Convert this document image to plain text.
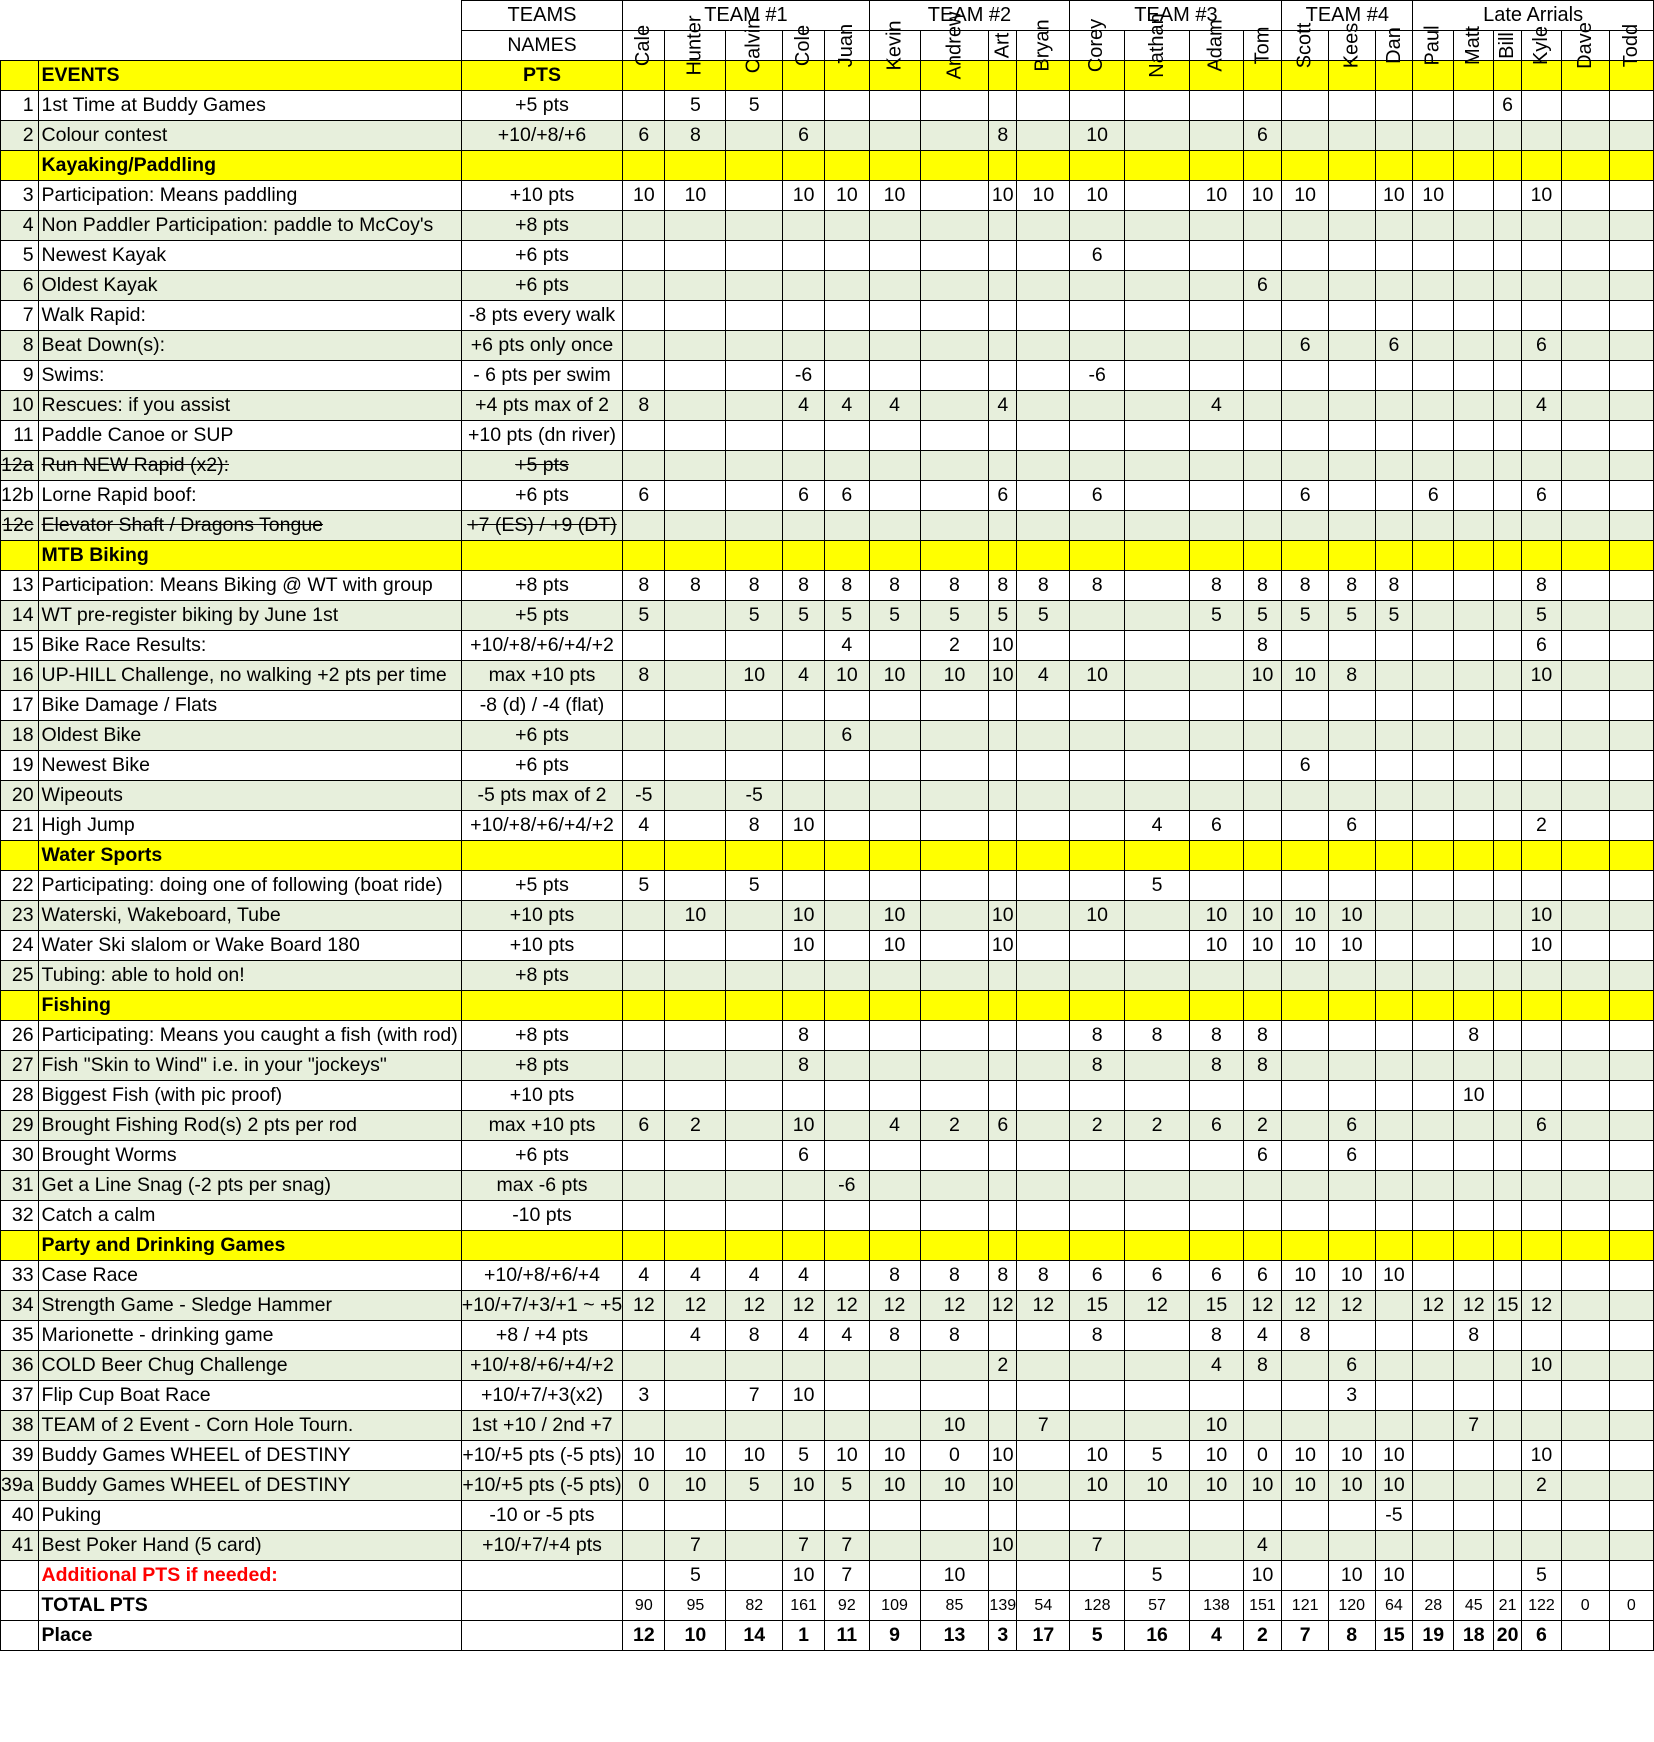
		TEAMS	TEAM #1					TEAM #2				TEAM #3				TEAM #4			Late Arrials					
		NAMES	Cale	Hunter	Calvin	Cole	Juan	Kevin	Andrew	Art	Bryan	Corey	Nathan	Adam	Tom	Scott	Kees	Dan	Paul	Matt	Bill	Kyle	Dave	Todd
	EVENTS	PTS																						
1	1st Time at Buddy Games	+5 pts		5	5																6			
2	Colour contest	+10/+8/+6	6	8		6				8		10			6									
	Kayaking/Paddling																							
3	Participation: Means paddling	+10 pts	10	10		10	10	10		10	10	10		10	10	10		10	10			10		
4	Non Paddler Participation: paddle to McCoy's	+8 pts																						
5	Newest Kayak	+6 pts										6												
6	Oldest Kayak	+6 pts													6									
7	Walk Rapid:	-8 pts every walk																						
8	Beat Down(s):	+6 pts only once														6		6				6		
9	Swims:	- 6 pts per swim				-6						-6												
10	Rescues: if you assist	+4 pts max of 2	8			4	4	4		4				4								4		
11	Paddle Canoe or SUP	+10 pts (dn river)																						
12a	Run NEW Rapid (x2):	+5 pts																						
12b	Lorne Rapid boof:	+6 pts	6			6	6			6		6				6			6			6		
12c	Elevator Shaft / Dragons Tongue	+7 (ES) / +9 (DT)																						
	MTB Biking																							
13	Participation: Means Biking @ WT with group	+8 pts	8	8	8	8	8	8	8	8	8	8		8	8	8	8	8				8		
14	WT pre-register biking by June 1st	+5 pts	5		5	5	5	5	5	5	5			5	5	5	5	5				5		
15	Bike Race Results:	+10/+8/+6/+4/+2					4		2	10					8							6		
16	UP-HILL Challenge, no walking +2 pts per time	max +10 pts	8		10	4	10	10	10	10	4	10			10	10	8					10		
17	Bike Damage / Flats	-8 (d) / -4 (flat)																						
18	Oldest Bike	+6 pts					6																	
19	Newest Bike	+6 pts														6								
20	Wipeouts	-5 pts max of 2	-5		-5																			
21	High Jump	+10/+8/+6/+4/+2	4		8	10							4	6			6					2		
	Water Sports																							
22	Participating: doing one of following (boat ride)	+5 pts	5		5								5											
23	Waterski, Wakeboard, Tube	+10 pts		10		10		10		10		10		10	10	10	10					10		
24	Water Ski slalom or Wake Board 180	+10 pts				10		10		10				10	10	10	10					10		
25	Tubing: able to hold on!	+8 pts																						
	Fishing																							
26	Participating: Means you caught a fish (with rod)	+8 pts				8						8	8	8	8					8				
27	Fish "Skin to Wind" i.e. in your "jockeys"	+8 pts				8						8		8	8									
28	Biggest Fish (with pic proof)	+10 pts																		10				
29	Brought Fishing Rod(s) 2 pts per rod	max +10 pts	6	2		10		4	2	6		2	2	6	2		6					6		
30	Brought Worms	+6 pts				6									6		6							
31	Get a Line Snag (-2 pts per snag)	max -6 pts					-6																	
32	Catch a calm	-10 pts																						
	Party and Drinking Games																							
33	Case Race	+10/+8/+6/+4	4	4	4	4		8	8	8	8	6	6	6	6	10	10	10						
34	Strength Game - Sledge Hammer	+10/+7/+3/+1 ~ +5	12	12	12	12	12	12	12	12	12	15	12	15	12	12	12		12	12	15	12		
35	Marionette - drinking game	+8 / +4 pts		4	8	4	4	8	8			8		8	4	8				8				
36	COLD Beer Chug Challenge	+10/+8/+6/+4/+2								2				4	8		6					10		
37	Flip Cup Boat Race	+10/+7/+3(x2)	3		7	10											3							
38	TEAM of 2 Event - Corn Hole Tourn.	1st +10 / 2nd +7							10		7			10						7				
39	Buddy Games WHEEL of DESTINY	+10/+5 pts (-5 pts)	10	10	10	5	10	10	0	10		10	5	10	0	10	10	10				10		
39a	Buddy Games WHEEL of DESTINY	+10/+5 pts (-5 pts)	0	10	5	10	5	10	10	10		10	10	10	10	10	10	10				2		
40	Puking	-10 or -5 pts																-5						
41	Best Poker Hand (5 card)	+10/+7/+4 pts		7		7	7			10		7			4									
	Additional PTS if needed:			5		10	7		10				5		10		10	10				5		
	TOTAL PTS		90	95	82	161	92	109	85	139	54	128	57	138	151	121	120	64	28	45	21	122	0	0
	Place		12	10	14	1	11	9	13	3	17	5	16	4	2	7	8	15	19	18	20	6		
